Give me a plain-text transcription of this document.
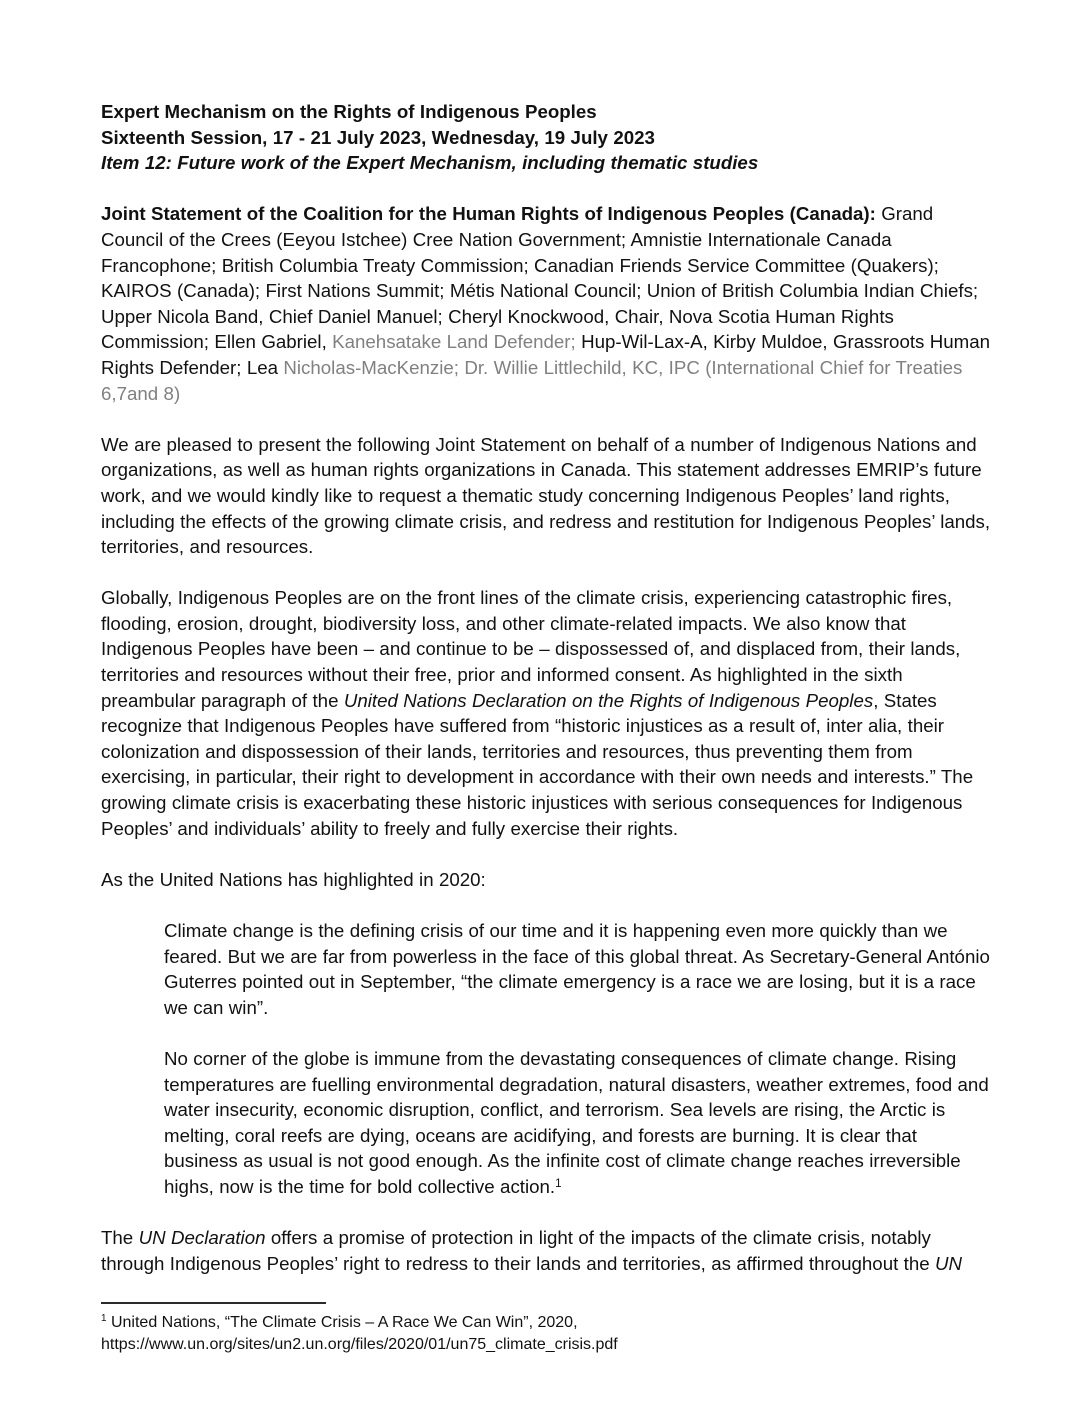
Expert Mechanism on the Rights of Indigenous Peoples
Sixteenth Session, 17 - 21 July 2023, Wednesday, 19 July 2023
Item 12: Future work of the Expert Mechanism, including thematic studies
Joint Statement of the Coalition for the Human Rights of Indigenous Peoples (Canada): Grand Council of the Crees (Eeyou Istchee) Cree Nation Government; Amnistie Internationale Canada Francophone; British Columbia Treaty Commission; Canadian Friends Service Committee (Quakers); KAIROS (Canada); First Nations Summit; Métis National Council; Union of British Columbia Indian Chiefs; Upper Nicola Band, Chief Daniel Manuel; Cheryl Knockwood, Chair, Nova Scotia Human Rights Commission; Ellen Gabriel, Kanehsatake Land Defender; Hup-Wil-Lax-A, Kirby Muldoe, Grassroots Human Rights Defender; Lea Nicholas-MacKenzie; Dr. Willie Littlechild, KC, IPC (International Chief for Treaties 6,7and 8)
We are pleased to present the following Joint Statement on behalf of a number of Indigenous Nations and organizations, as well as human rights organizations in Canada. This statement addresses EMRIP’s future work, and we would kindly like to request a thematic study concerning Indigenous Peoples’ land rights, including the effects of the growing climate crisis, and redress and restitution for Indigenous Peoples’ lands, territories, and resources.
Globally, Indigenous Peoples are on the front lines of the climate crisis, experiencing catastrophic fires, flooding, erosion, drought, biodiversity loss, and other climate-related impacts. We also know that Indigenous Peoples have been – and continue to be – dispossessed of, and displaced from, their lands, territories and resources without their free, prior and informed consent. As highlighted in the sixth preambular paragraph of the United Nations Declaration on the Rights of Indigenous Peoples, States recognize that Indigenous Peoples have suffered from “historic injustices as a result of, inter alia, their colonization and dispossession of their lands, territories and resources, thus preventing them from exercising, in particular, their right to development in accordance with their own needs and interests.” The growing climate crisis is exacerbating these historic injustices with serious consequences for Indigenous Peoples’ and individuals’ ability to freely and fully exercise their rights.
As the United Nations has highlighted in 2020:
Climate change is the defining crisis of our time and it is happening even more quickly than we feared. But we are far from powerless in the face of this global threat. As Secretary-General António Guterres pointed out in September, “the climate emergency is a race we are losing, but it is a race we can win”.
No corner of the globe is immune from the devastating consequences of climate change. Rising temperatures are fuelling environmental degradation, natural disasters, weather extremes, food and water insecurity, economic disruption, conflict, and terrorism. Sea levels are rising, the Arctic is melting, coral reefs are dying, oceans are acidifying, and forests are burning. It is clear that business as usual is not good enough. As the infinite cost of climate change reaches irreversible highs, now is the time for bold collective action.$^1$
The UN Declaration offers a promise of protection in light of the impacts of the climate crisis, notably through Indigenous Peoples’ right to redress to their lands and territories, as affirmed throughout the UN
$^1$ United Nations, “The Climate Crisis – A Race We Can Win”, 2020,
https://www.un.org/sites/un2.un.org/files/2020/01/un75_climate_crisis.pdf
